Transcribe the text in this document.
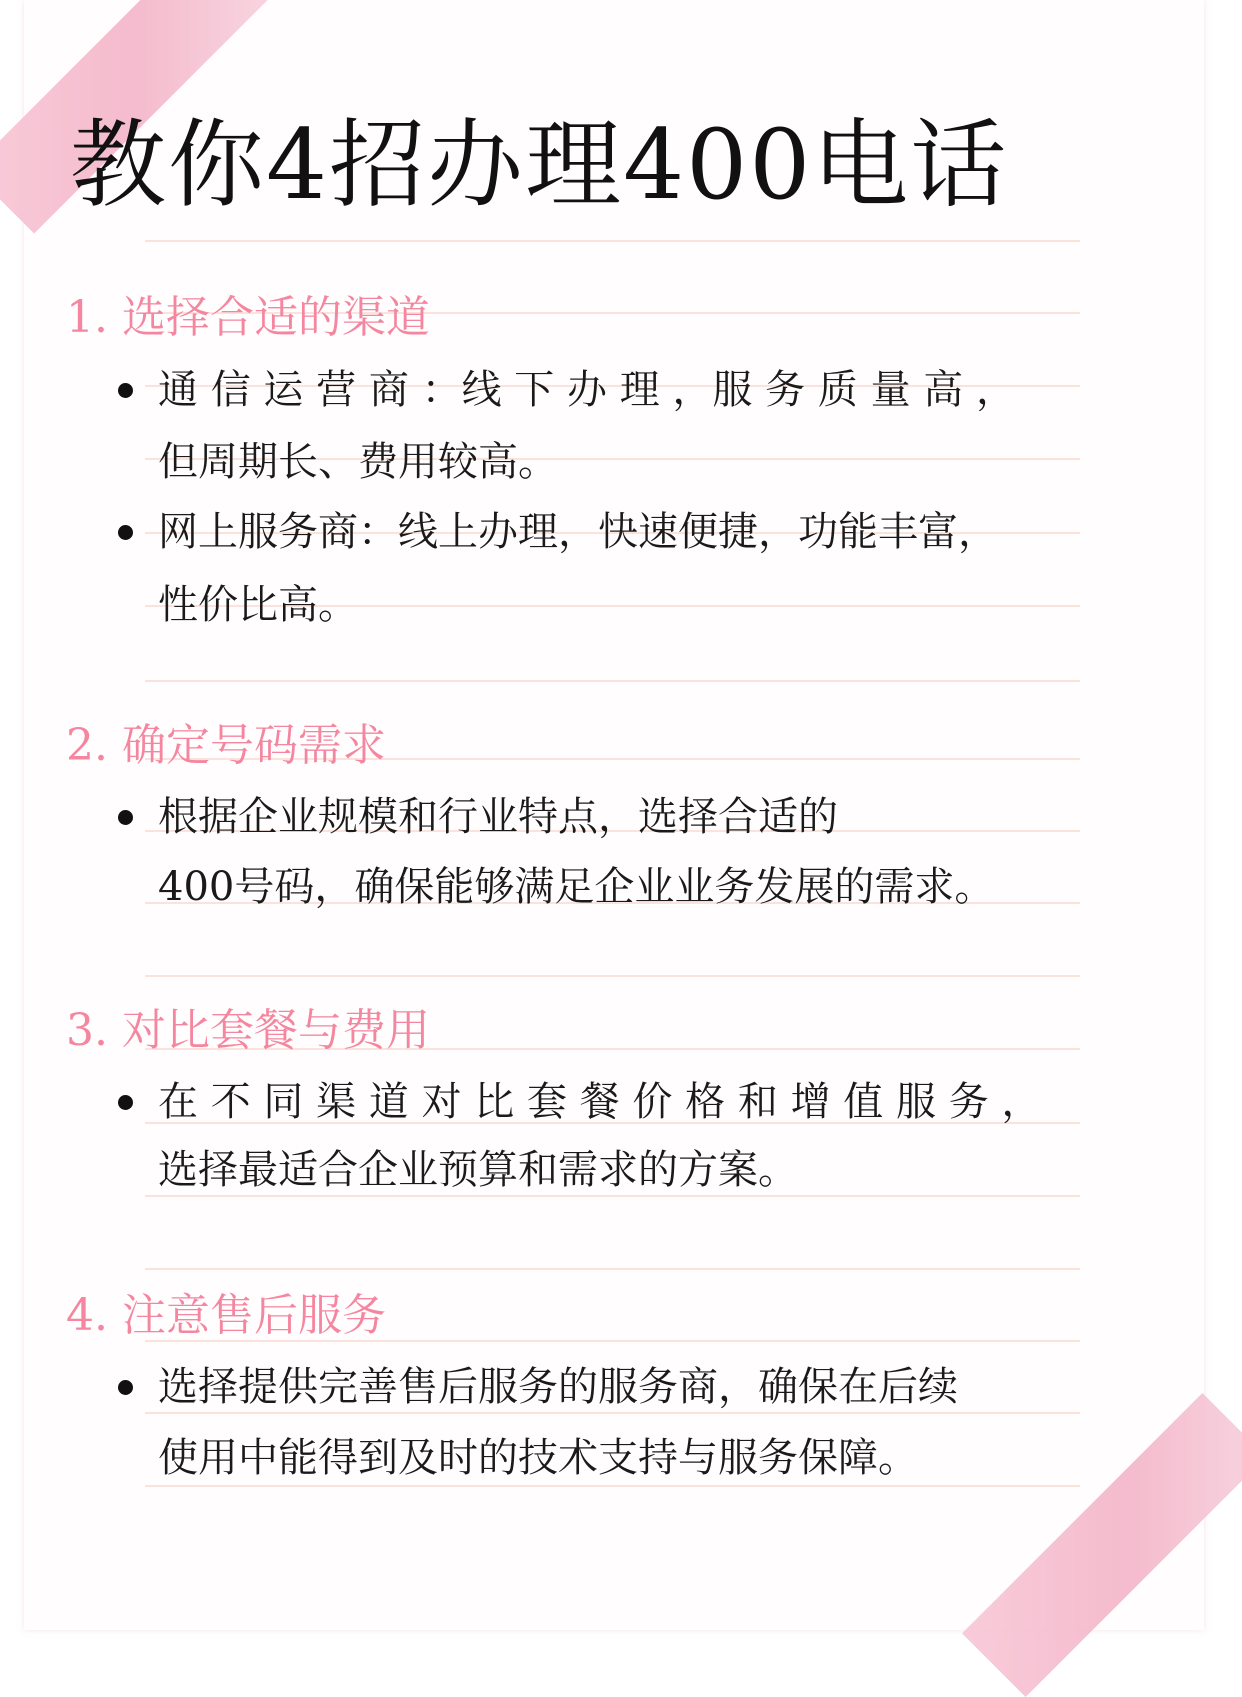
教你4招办理400电话
1. 选择合适的渠道
通 信 运 营 商 ：线 下 办 理 ，服 务 质 量 高 ，
但周期长、费用较高。
网上服务商：线上办理，快速便捷，功能丰富，
性价比高。
2. 确定号码需求
根据企业规模和行业特点，选择合适的
400号码，确保能够满足企业业务发展的需求。
3. 对比套餐与费用
在 不 同 渠 道 对 比 套 餐 价 格 和 增 值 服 务 ，
选择最适合企业预算和需求的方案。
4. 注意售后服务
选择提供完善售后服务的服务商，确保在后续
使用中能得到及时的技术支持与服务保障。
